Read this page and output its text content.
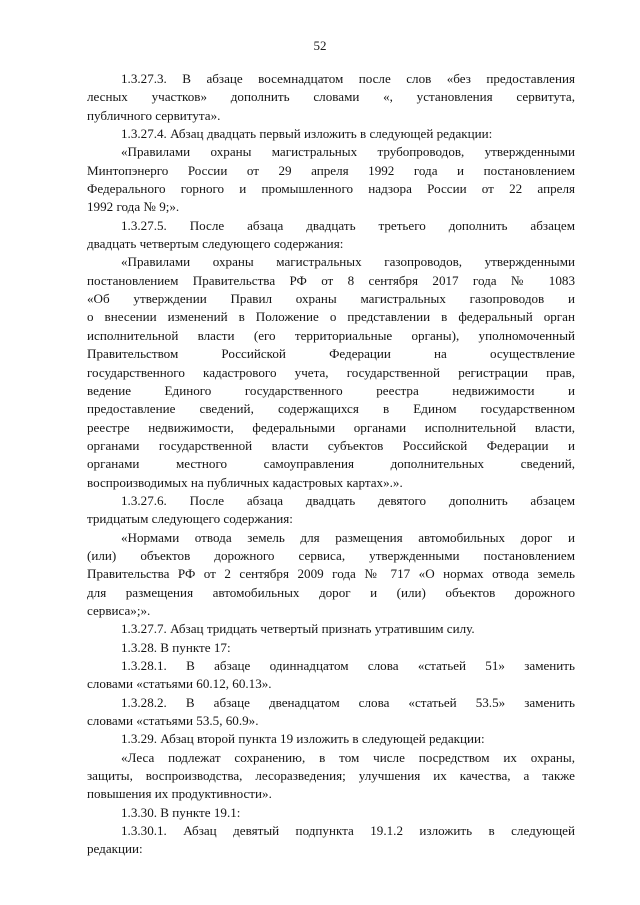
52
1.3.27.3. В абзаце восемнадцатом после слов «без предоставления
лесных участков» дополнить словами «, установления сервитута,
публичного сервитута».
1.3.27.4. Абзац двадцать первый изложить в следующей редакции:
«Правилами охраны магистральных трубопроводов, утвержденными
Минтопэнерго России от 29 апреля 1992 года и постановлением
Федерального горного и промышленного надзора России от 22 апреля
1992 года № 9;».
1.3.27.5. После абзаца двадцать третьего дополнить абзацем
двадцать четвертым следующего содержания:
«Правилами охраны магистральных газопроводов, утвержденными
постановлением Правительства РФ от 8 сентября 2017 года № 1083
«Об утверждении Правил охраны магистральных газопроводов и
о внесении изменений в Положение о представлении в федеральный орган
исполнительной власти (его территориальные органы), уполномоченный
Правительством Российской Федерации на осуществление
государственного кадастрового учета, государственной регистрации прав,
ведение Единого государственного реестра недвижимости и
предоставление сведений, содержащихся в Едином государственном
реестре недвижимости, федеральными органами исполнительной власти,
органами государственной власти субъектов Российской Федерации и
органами местного самоуправления дополнительных сведений,
воспроизводимых на публичных кадастровых картах».».
1.3.27.6. После абзаца двадцать девятого дополнить абзацем
тридцатым следующего содержания:
«Нормами отвода земель для размещения автомобильных дорог и
(или) объектов дорожного сервиса, утвержденными постановлением
Правительства РФ от 2 сентября 2009 года № 717 «О нормах отвода земель
для размещения автомобильных дорог и (или) объектов дорожного
сервиса»;».
1.3.27.7. Абзац тридцать четвертый признать утратившим силу.
1.3.28. В пункте 17:
1.3.28.1. В абзаце одиннадцатом слова «статьей 51» заменить
словами «статьями 60.12, 60.13».
1.3.28.2. В абзаце двенадцатом слова «статьей 53.5» заменить
словами «статьями 53.5, 60.9».
1.3.29. Абзац второй пункта 19 изложить в следующей редакции:
«Леса подлежат сохранению, в том числе посредством их охраны,
защиты, воспроизводства, лесоразведения; улучшения их качества, а также
повышения их продуктивности».
1.3.30. В пункте 19.1:
1.3.30.1. Абзац девятый подпункта 19.1.2 изложить в следующей
редакции:
